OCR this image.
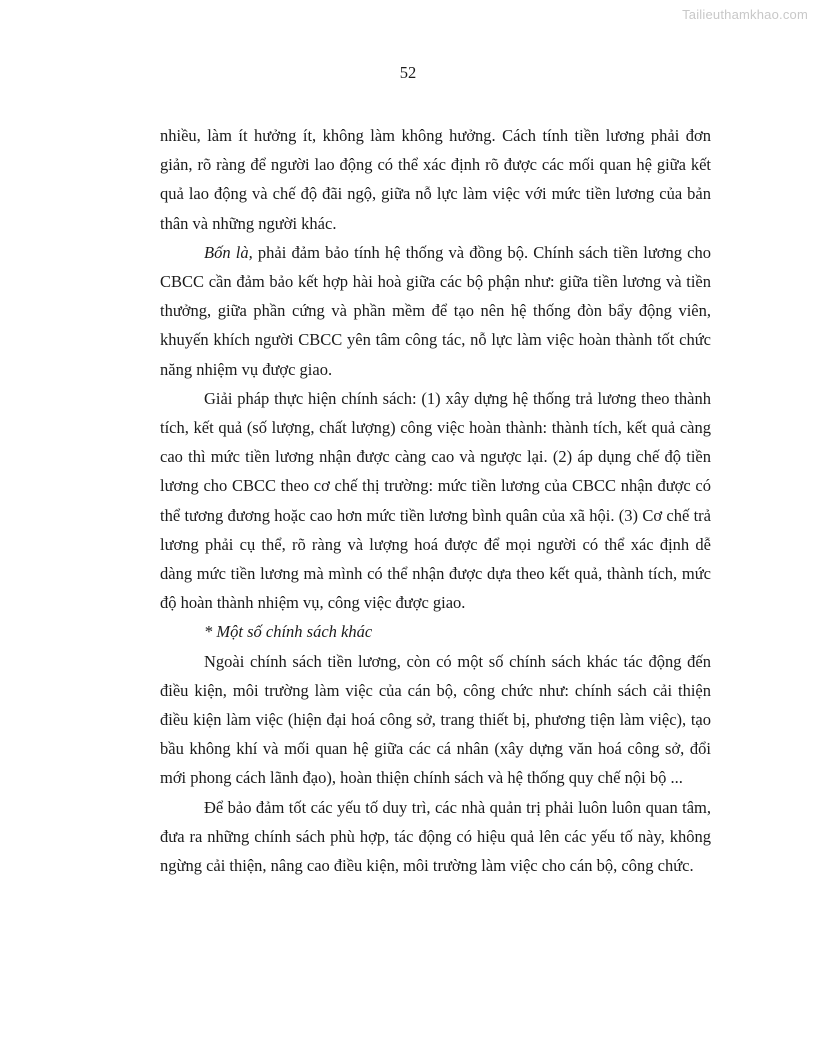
Tailieuthamkhao.com
52

nhiều, làm ít hưởng ít, không làm không hưởng. Cách tính tiền lương phải đơn giản, rõ ràng để người lao động có thể xác định rõ được các mối quan hệ giữa kết quả lao động và chế độ đãi ngộ, giữa nỗ lực làm việc với mức tiền lương của bản thân và những người khác.

Bốn là, phải đảm bảo tính hệ thống và đồng bộ. Chính sách tiền lương cho CBCC cần đảm bảo kết hợp hài hoà giữa các bộ phận như: giữa tiền lương và tiền thưởng, giữa phần cứng và phần mềm để tạo nên hệ thống đòn bẩy động viên, khuyến khích người CBCC yên tâm công tác, nỗ lực làm việc hoàn thành tốt chức năng nhiệm vụ được giao.

Giải pháp thực hiện chính sách: (1) xây dựng hệ thống trả lương theo thành tích, kết quả (số lượng, chất lượng) công việc hoàn thành: thành tích, kết quả càng cao thì mức tiền lương nhận được càng cao và ngược lại. (2) áp dụng chế độ tiền lương cho CBCC theo cơ chế thị trường: mức tiền lương của CBCC nhận được có thể tương đương hoặc cao hơn mức tiền lương bình quân của xã hội. (3) Cơ chế trả lương phải cụ thể, rõ ràng và lượng hoá được để mọi người có thể xác định dễ dàng mức tiền lương mà mình có thể nhận được dựa theo kết quả, thành tích, mức độ hoàn thành nhiệm vụ, công việc được giao.

* Một số chính sách khác

Ngoài chính sách tiền lương, còn có một số chính sách khác tác động đến điều kiện, môi trường làm việc của cán bộ, công chức như: chính sách cải thiện điều kiện làm việc (hiện đại hoá công sở, trang thiết bị, phương tiện làm việc), tạo bầu không khí và mối quan hệ giữa các cá nhân (xây dựng văn hoá công sở, đổi mới phong cách lãnh đạo), hoàn thiện chính sách và hệ thống quy chế nội bộ ...

Để bảo đảm tốt các yếu tố duy trì, các nhà quản trị phải luôn luôn quan tâm, đưa ra những chính sách phù hợp, tác động có hiệu quả lên các yếu tố này, không ngừng cải thiện, nâng cao điều kiện, môi trường làm việc cho cán bộ, công chức.
